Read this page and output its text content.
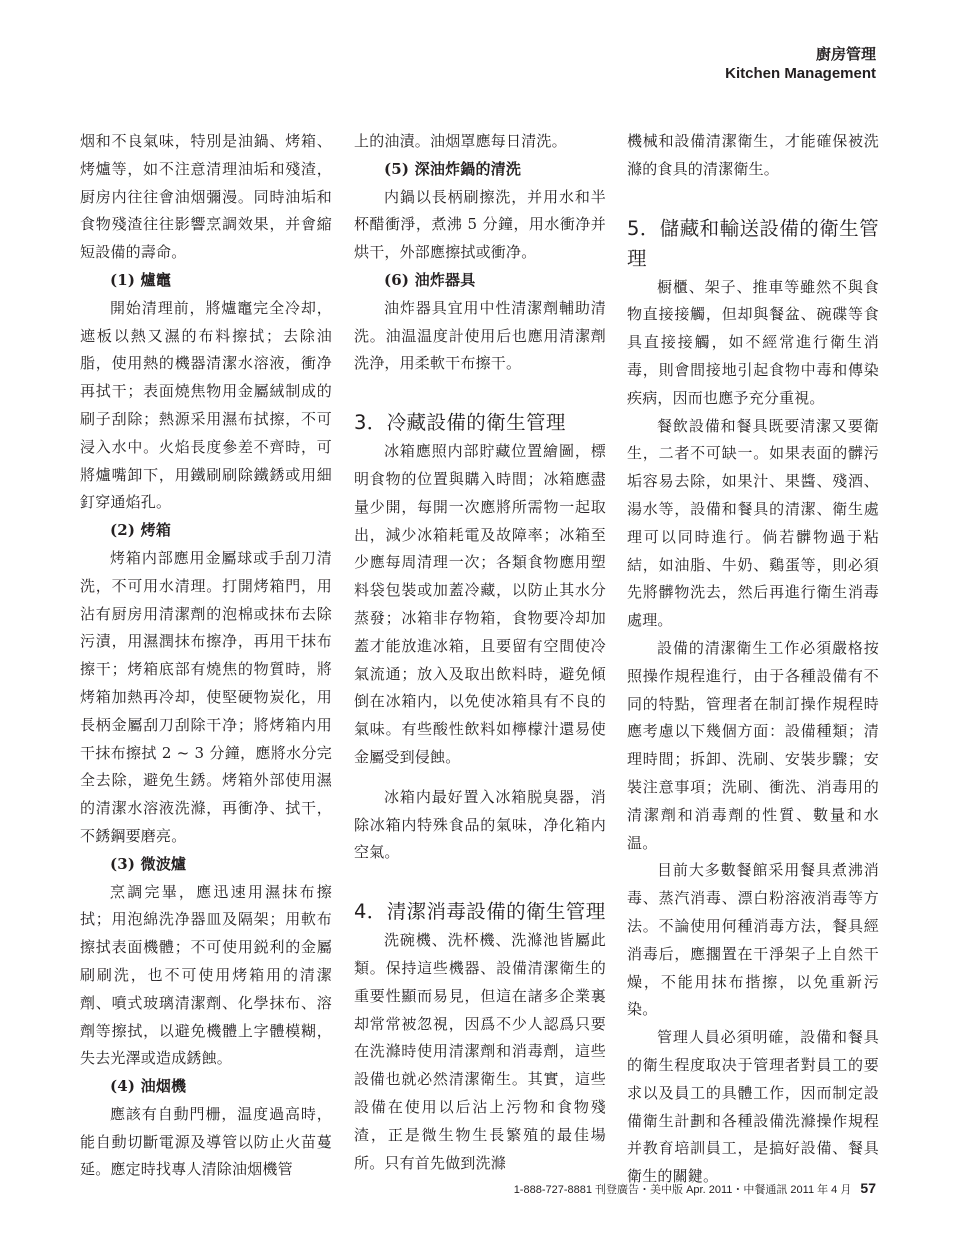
廚房管理
Kitchen Management

烟和不良氣味，特別是油鍋、烤箱、烤爐等，如不注意清理油垢和殘渣，厨房内往往會油烟彌漫。同時油垢和食物殘渣往往影響烹調效果，并會縮短設備的壽命。

(1) 爐竈

開始清理前，將爐竈完全冷却，遮板以熱又濕的布料擦拭；去除油脂，使用熱的機器清潔水溶液，衝净再拭干；表面燒焦物用金屬絨制成的刷子刮除；熱源采用濕布拭擦，不可浸入水中。火焰長度參差不齊時，可將爐嘴卸下，用鐵刷刷除鐵銹或用細釘穿通焰孔。

(2) 烤箱

烤箱内部應用金屬球或手刮刀清洗，不可用水清理。打開烤箱門，用沾有厨房用清潔劑的泡棉或抹布去除污漬，用濕潤抹布擦净，再用干抹布擦干；烤箱底部有燒焦的物質時，將烤箱加熱再冷却，使堅硬物炭化，用長柄金屬刮刀刮除干净；將烤箱内用干抹布擦拭 2 ~ 3 分鐘，應將水分完全去除，避免生銹。烤箱外部使用濕的清潔水溶液洗滌，再衝净、拭干，不銹鋼要磨亮。

(3) 微波爐

烹調完畢，應迅速用濕抹布擦拭；用泡綿洗净器皿及隔架；用軟布擦拭表面機體；不可使用鋭利的金屬刷刷洗，也不可使用烤箱用的清潔劑、噴式玻璃清潔劑、化學抹布、溶劑等擦拭，以避免機體上字體模糊，失去光澤或造成銹蝕。

(4) 油烟機

應該有自動門栅，温度過高時，能自動切斷電源及導管以防止火苗蔓延。應定時找專人清除油烟機管

上的油漬。油烟罩應每日清洗。

(5) 深油炸鍋的清洗

内鍋以長柄刷擦洗，并用水和半杯醋衝淨，煮沸 5 分鐘，用水衝净并烘干，外部應擦拭或衝净。

(6) 油炸器具

油炸器具宜用中性清潔劑輔助清洗。油温温度計使用后也應用清潔劑洗浄，用柔軟干布擦干。

3．冷藏設備的衛生管理

冰箱應照内部貯藏位置繪圖，標明食物的位置與購入時間；冰箱應盡量少開，每開一次應將所需物一起取出，減少冰箱耗電及故障率；冰箱至少應每周清理一次；各類食物應用塑料袋包裝或加蓋冷藏，以防止其水分蒸發；冰箱非存物箱，食物要冷却加蓋才能放進冰箱，且要留有空間使冷氣流通；放入及取出飲料時，避免傾倒在冰箱内，以免使冰箱具有不良的氣味。有些酸性飲料如檸檬汁還易使金屬受到侵蝕。

冰箱内最好置入冰箱脱臭器，消除冰箱内特殊食品的氣味，净化箱内空氣。

4．清潔消毒設備的衛生管理

洗碗機、洗杯機、洗滌池皆屬此類。保持這些機器、設備清潔衛生的重要性顯而易見，但這在諸多企業裏却常常被忽視，因爲不少人認爲只要在洗滌時使用清潔劑和消毒劑，這些設備也就必然清潔衛生。其實，這些設備在使用以后沾上污物和食物殘渣，正是微生物生長繁殖的最佳場所。只有首先做到洗滌

機械和設備清潔衛生，才能確保被洗滌的食具的清潔衛生。

5．儲藏和輸送設備的衛生管理

橱櫃、架子、推車等雖然不與食物直接接觸，但却與餐盆、碗碟等食具直接接觸，如不經常進行衛生消毒，則會間接地引起食物中毒和傳染疾病，因而也應予充分重視。

餐飲設備和餐具既要清潔又要衛生，二者不可缺一。如果表面的髒污垢容易去除，如果汁、果醬、殘酒、湯水等，設備和餐具的清潔、衛生處理可以同時進行。倘若髒物過于粘結，如油脂、牛奶、鷄蛋等，則必須先將髒物洗去，然后再進行衛生消毒處理。

設備的清潔衛生工作必須嚴格按照操作規程進行，由于各種設備有不同的特點，管理者在制訂操作規程時應考慮以下幾個方面：設備種類；清理時間；拆卸、洗刷、安裝步驟；安裝注意事項；洗刷、衝洗、消毒用的清潔劑和消毒劑的性質、數量和水温。

目前大多數餐館采用餐具煮沸消毒、蒸汽消毒、漂白粉溶液消毒等方法。不論使用何種消毒方法，餐具經消毒后，應擱置在干淨架子上自然干燥，不能用抹布揩擦，以免重新污染。

管理人員必須明確，設備和餐具的衛生程度取决于管理者對員工的要求以及員工的具體工作，因而制定設備衛生計劃和各種設備洗滌操作規程并教育培訓員工，是搞好設備、餐具衛生的關鍵。

1-888-727-8881 刊登廣告・美中版 Apr. 2011・中餐通訊 2011 年 4 月 57
